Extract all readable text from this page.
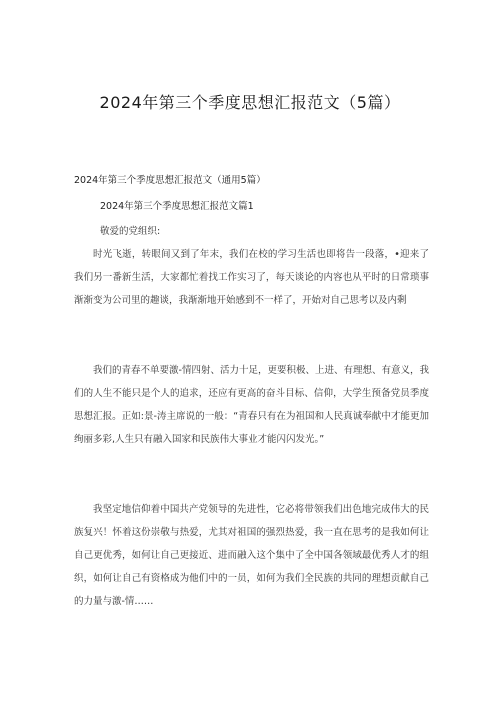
2024年第三个季度思想汇报范文（5篇）
2024年第三个季度思想汇报范文（通用5篇）
2024年第三个季度思想汇报范文篇1
敬爱的党组织:

时光飞逝，转眼间又到了年末，我们在校的学习生活也即将告一段落，•迎来了我们另一番新生活，大家都忙着找工作实习了，每天谈论的内容也从平时的日常琐事渐渐变为公司里的趣谈，我渐渐地开始感到不一样了，开始对自己思考以及内剩

我们的青春不单要激-情四射、活力十足，更要积极、上进、有理想、有意义，我们的人生不能只是个人的追求，还应有更高的奋斗目标、信仰，大学生预备党员季度思想汇报。正如:景-涛主席说的一般：“青春只有在为祖国和人民真诚奉献中才能更加绚丽多彩,人生只有融入国家和民族伟大事业才能闪闪发光。”

我坚定地信仰着中国共产党领导的先进性，它必将带领我们出色地完成伟大的民族复兴！怀着这份崇敬与热爱，尤其对祖国的强烈热爱，我一直在思考的是我如何让自己更优秀，如何让自己更接近、进而融入这个集中了全中国各领域最优秀人才的组织，如何让自己有资格成为他们中的一员，如何为我们全民族的共同的理想贡献自己的力量与激-情……
